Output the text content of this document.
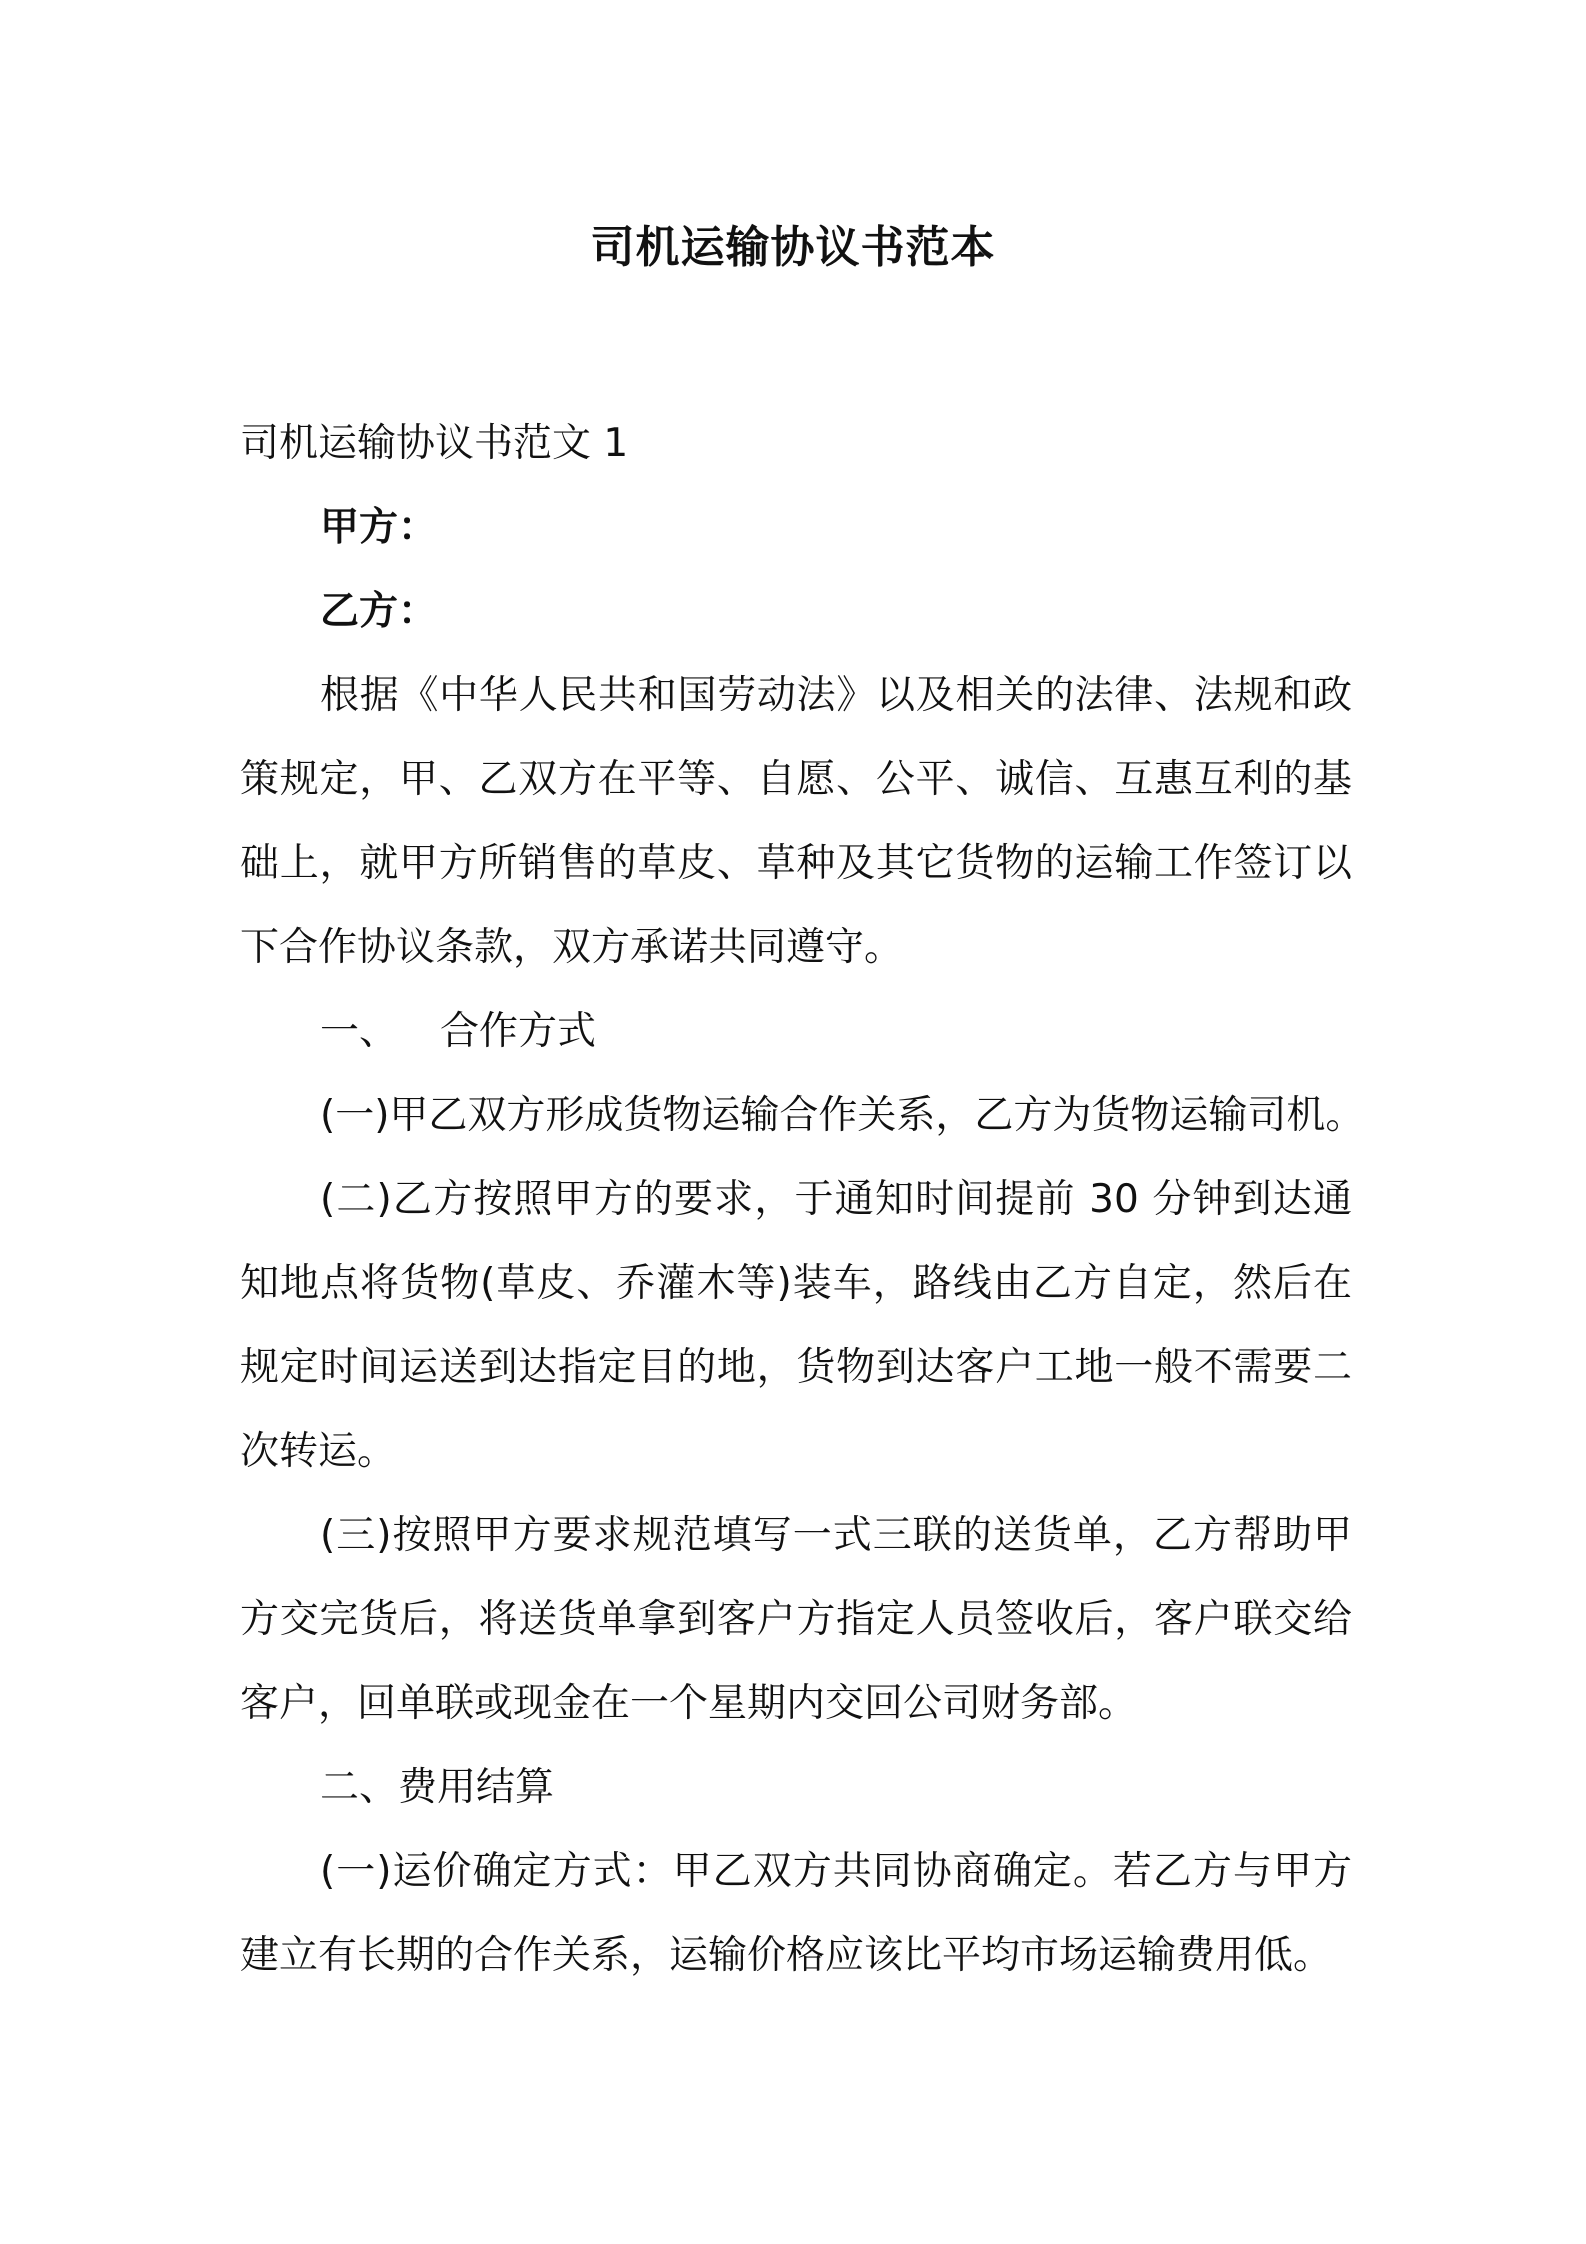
司机运输协议书范本
司机运输协议书范文 1
甲方：
乙方：
根据《中华人民共和国劳动法》以及相关的法律、法规和政
策规定，甲、乙双方在平等、自愿、公平、诚信、互惠互利的基
础上，就甲方所销售的草皮、草种及其它货物的运输工作签订以
下合作协议条款，双方承诺共同遵守。
一、 合作方式
(一)甲乙双方形成货物运输合作关系，乙方为货物运输司机。
(二)乙方按照甲方的要求，于通知时间提前 30 分钟到达通
知地点将货物(草皮、乔灌木等)装车，路线由乙方自定，然后在
规定时间运送到达指定目的地，货物到达客户工地一般不需要二
次转运。
(三)按照甲方要求规范填写一式三联的送货单，乙方帮助甲
方交完货后，将送货单拿到客户方指定人员签收后，客户联交给
客户，回单联或现金在一个星期内交回公司财务部。
二、费用结算
(一)运价确定方式：甲乙双方共同协商确定。若乙方与甲方
建立有长期的合作关系，运输价格应该比平均市场运输费用低。
